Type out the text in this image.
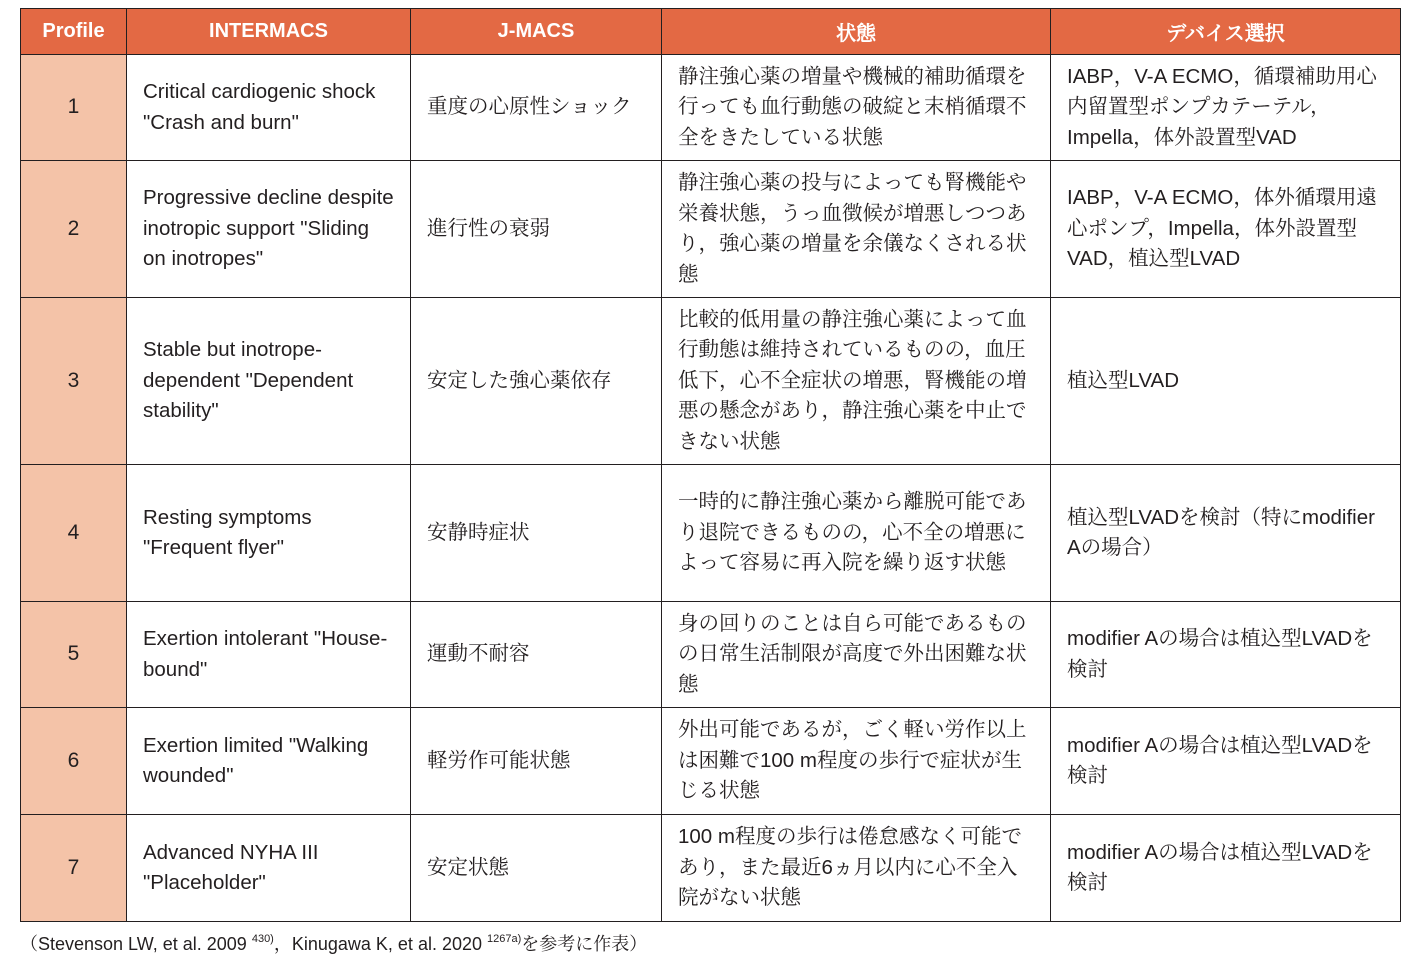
Profile	INTERMACS	J-MACS	状態	デバイス選択
1	Critical cardiogenic shock "Crash and burn"	重度の心原性ショック	静注強心薬の増量や機械的補助循環を行っても血行動態の破綻と末梢循環不全をきたしている状態	IABP，V-A ECMO，循環補助用心内留置型ポンプカテーテル，Impella，体外設置型VAD
2	Progressive decline despite inotropic support "Sliding on inotropes"	進行性の衰弱	静注強心薬の投与によっても腎機能や栄養状態，うっ血徴候が増悪しつつあり，強心薬の増量を余儀なくされる状態	IABP，V-A ECMO，体外循環用遠心ポンプ，Impella，体外設置型VAD，植込型LVAD
3	Stable but inotrope-dependent "Dependent stability"	安定した強心薬依存	比較的低用量の静注強心薬によって血行動態は維持されているものの，血圧低下，心不全症状の増悪，腎機能の増悪の懸念があり，静注強心薬を中止できない状態	植込型LVAD
4	Resting symptoms "Frequent flyer"	安静時症状	一時的に静注強心薬から離脱可能であり退院できるものの，心不全の増悪によって容易に再入院を繰り返す状態	植込型LVADを検討（特にmodifier Aの場合）
5	Exertion intolerant "House-bound"	運動不耐容	身の回りのことは自ら可能であるものの日常生活制限が高度で外出困難な状態	modifier Aの場合は植込型LVADを検討
6	Exertion limited "Walking wounded"	軽労作可能状態	外出可能であるが，ごく軽い労作以上は困難で100 m程度の歩行で症状が生じる状態	modifier Aの場合は植込型LVADを検討
7	Advanced NYHA III "Placeholder"	安定状態	100 m程度の歩行は倦怠感なく可能であり，また最近6ヵ月以内に心不全入院がない状態	modifier Aの場合は植込型LVADを検討
（Stevenson LW, et al. 2009 $^{430)}$，Kinugawa K, et al. 2020 $^{1267a)}$を参考に作表）
